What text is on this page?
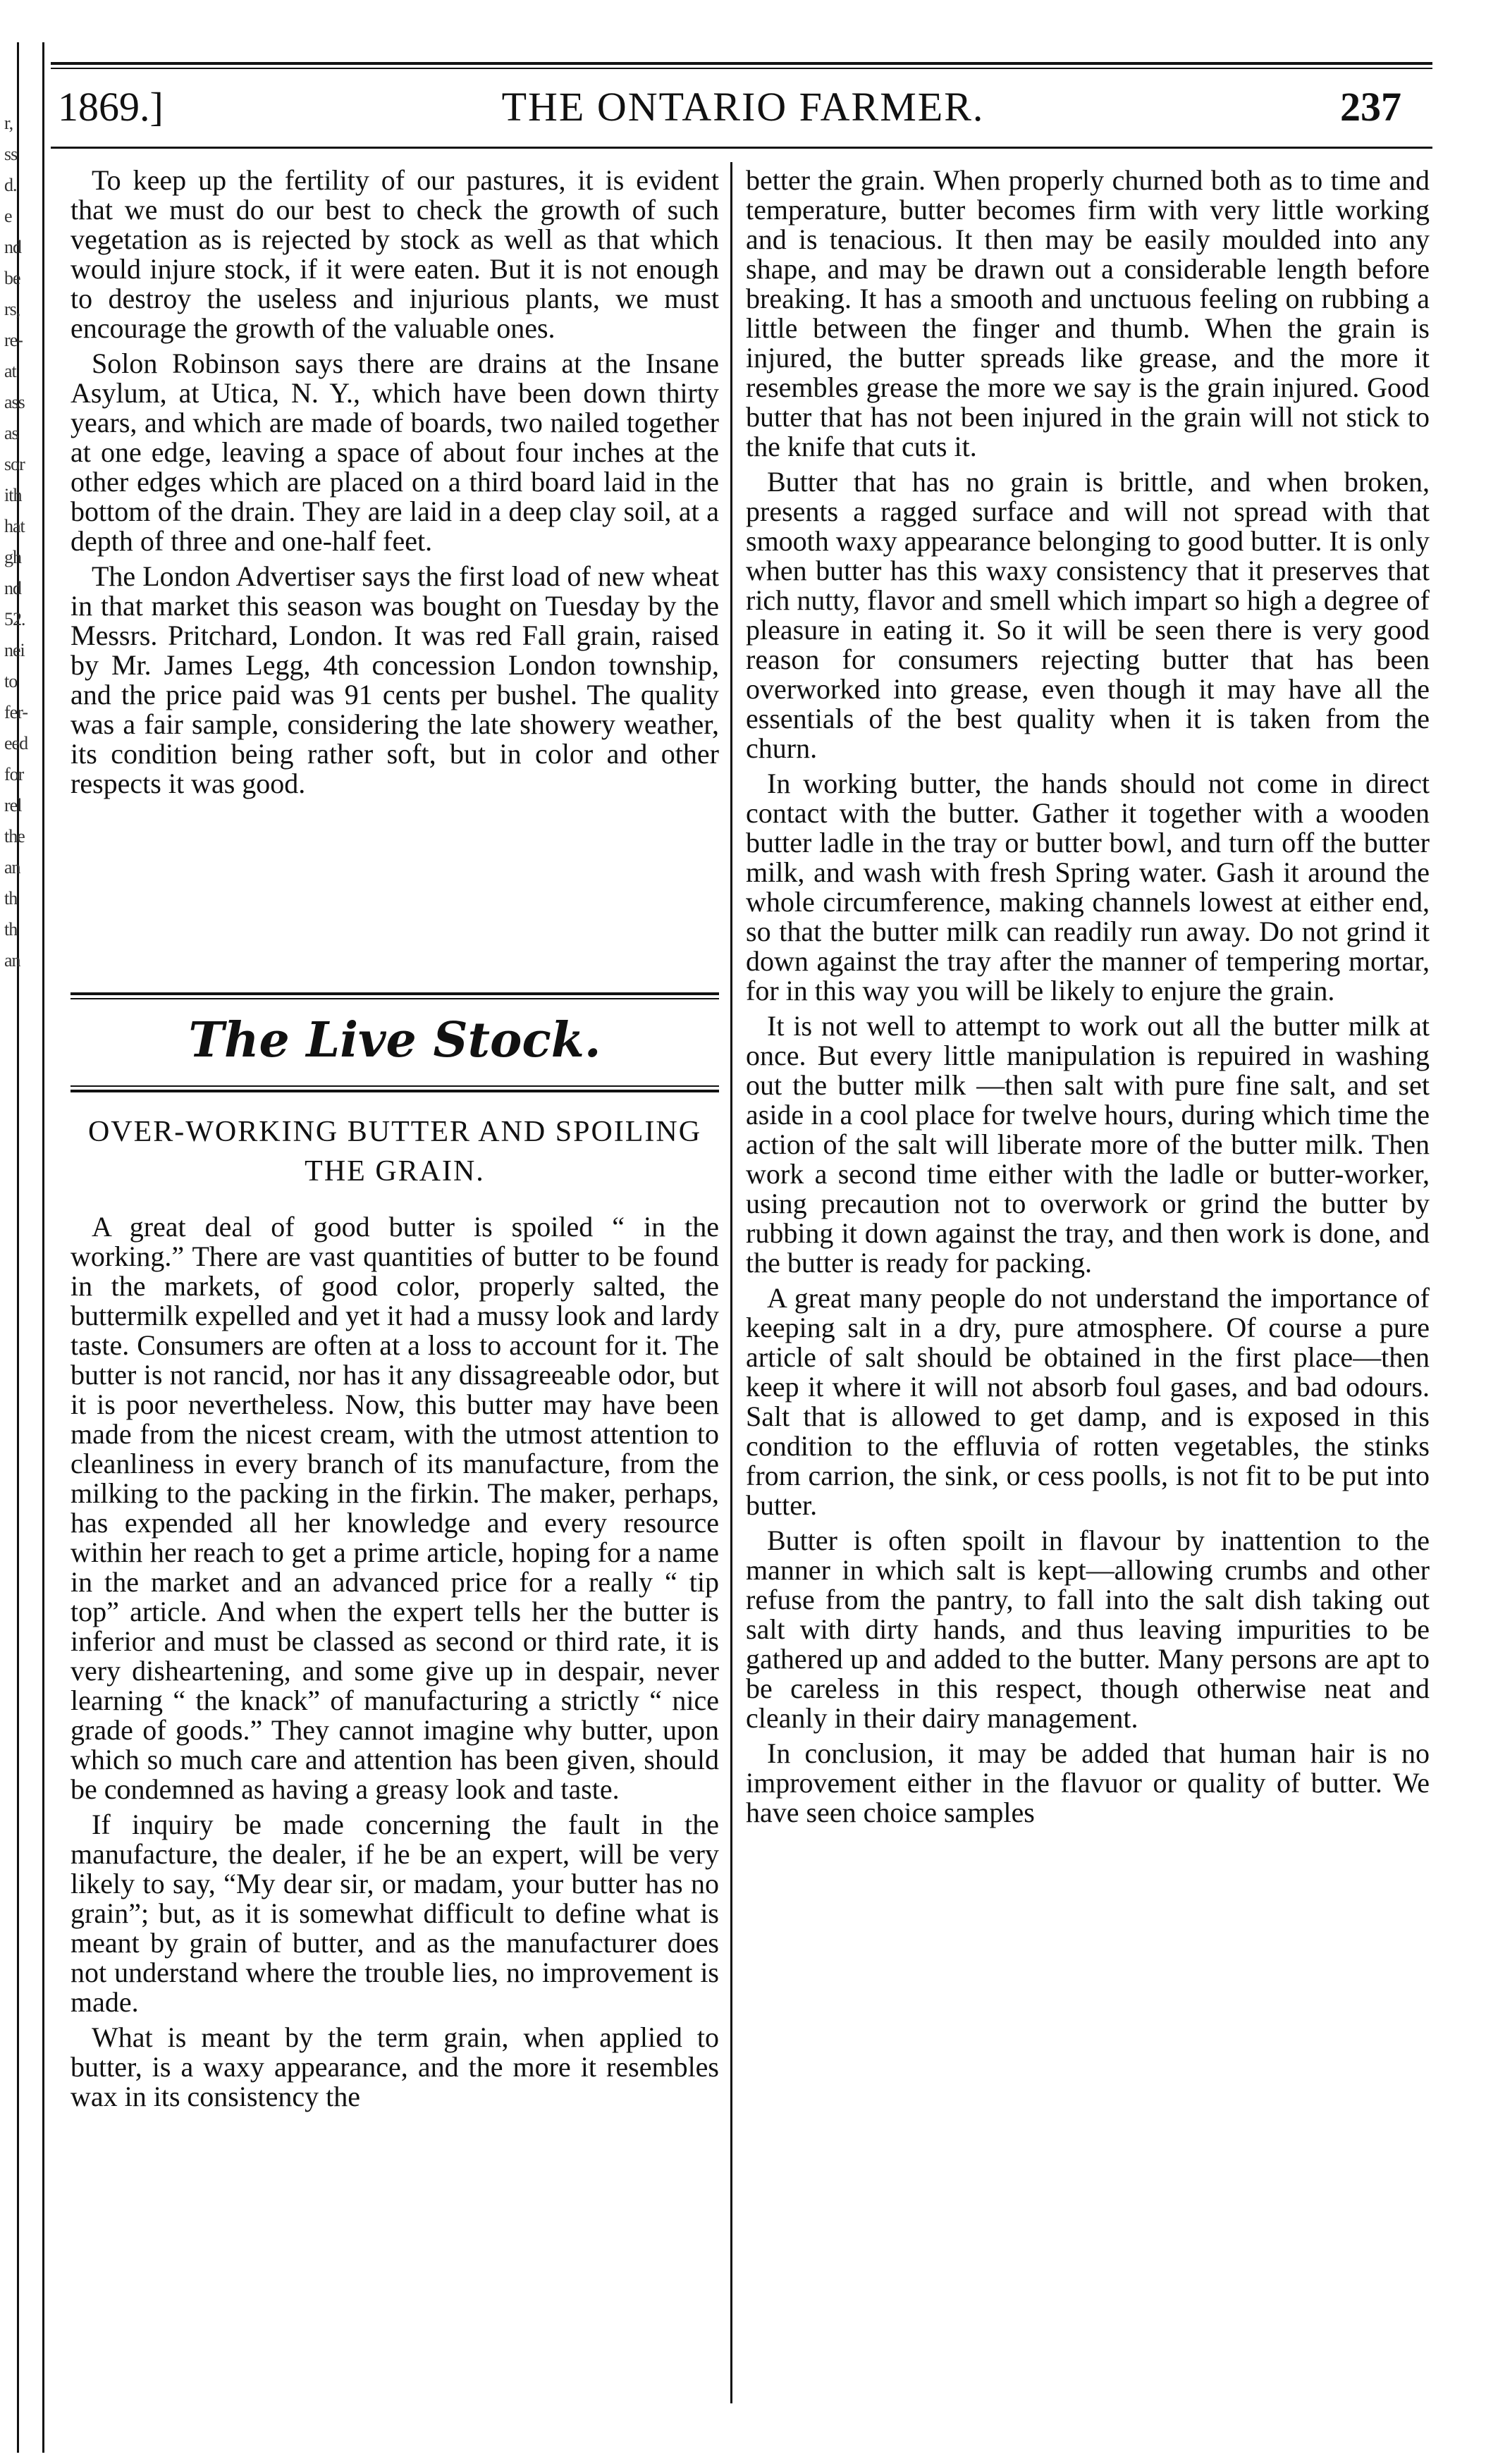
r,
ss
d.
e
nd
be
rs,
re-
at
ass
as
sor
ith
hat
gh
nd
52.
nei
to
fer-
eed
for
rel
the
an
th
th
an
1869.]	THE ONTARIO FARMER.	237

To keep up the fertility of our pastures, it is evident that we must do our best to check the growth of such vegetation as is rejected by stock as well as that which would injure stock, if it were eaten. But it is not enough to destroy the useless and injurious plants, we must encourage the growth of the valuable ones.

Solon Robinson says there are drains at the Insane Asylum, at Utica, N. Y., which have been down thirty years, and which are made of boards, two nailed together at one edge, leaving a space of about four inches at the other edges which are placed on a third board laid in the bottom of the drain. They are laid in a deep clay soil, at a depth of three and one-half feet.

The London Advertiser says the first load of new wheat in that market this season was bought on Tuesday by the Messrs. Pritchard, London. It was red Fall grain, raised by Mr. James Legg, 4th concession London township, and the price paid was 91 cents per bushel. The quality was a fair sample, considering the late showery weather, its condition being rather soft, but in color and other respects it was good.

The Live Stock.
OVER-WORKING BUTTER AND SPOILING THE GRAIN.

A great deal of good butter is spoiled “ in the working.” There are vast quantities of butter to be found in the markets, of good color, properly salted, the buttermilk expelled and yet it had a mussy look and lardy taste. Consumers are often at a loss to account for it. The butter is not rancid, nor has it any dissagreeable odor, but it is poor nevertheless. Now, this butter may have been made from the nicest cream, with the utmost attention to cleanliness in every branch of its manufacture, from the milking to the packing in the firkin. The maker, perhaps, has expended all her knowledge and every resource within her reach to get a prime article, hoping for a name in the market and an advanced price for a really “ tip top” article. And when the expert tells her the butter is inferior and must be classed as second or third rate, it is very disheartening, and some give up in despair, never learning “ the knack” of manufacturing a strictly “ nice grade of goods.” They cannot imagine why butter, upon which so much care and attention has been given, should be condemned as having a greasy look and taste.

If inquiry be made concerning the fault in the manufacture, the dealer, if he be an expert, will be very likely to say, “My dear sir, or madam, your butter has no grain”; but, as it is somewhat difficult to define what is meant by grain of butter, and as the manufacturer does not understand where the trouble lies, no improvement is made.

What is meant by the term grain, when applied to butter, is a waxy appearance, and the more it resembles wax in its consistency the

better the grain. When properly churned both as to time and temperature, butter becomes firm with very little working and is tenacious. It then may be easily moulded into any shape, and may be drawn out a considerable length before breaking. It has a smooth and unctuous feeling on rubbing a little between the finger and thumb. When the grain is injured, the butter spreads like grease, and the more it resembles grease the more we say is the grain injured. Good butter that has not been injured in the grain will not stick to the knife that cuts it.

Butter that has no grain is brittle, and when broken, presents a ragged surface and will not spread with that smooth waxy appearance belonging to good butter. It is only when butter has this waxy consistency that it preserves that rich nutty, flavor and smell which impart so high a degree of pleasure in eating it. So it will be seen there is very good reason for consumers rejecting butter that has been overworked into grease, even though it may have all the essentials of the best quality when it is taken from the churn.

In working butter, the hands should not come in direct contact with the butter. Gather it together with a wooden butter ladle in the tray or butter bowl, and turn off the butter milk, and wash with fresh Spring water. Gash it around the whole circumference, making channels lowest at either end, so that the butter milk can readily run away. Do not grind it down against the tray after the manner of tempering mortar, for in this way you will be likely to enjure the grain.

It is not well to attempt to work out all the butter milk at once. But every little manipulation is repuired in washing out the butter milk —then salt with pure fine salt, and set aside in a cool place for twelve hours, during which time the action of the salt will liberate more of the butter milk. Then work a second time either with the ladle or butter-worker, using precaution not to overwork or grind the butter by rubbing it down against the tray, and then work is done, and the butter is ready for packing.

A great many people do not understand the importance of keeping salt in a dry, pure atmosphere. Of course a pure article of salt should be obtained in the first place—then keep it where it will not absorb foul gases, and bad odours. Salt that is allowed to get damp, and is exposed in this condition to the effluvia of rotten vegetables, the stinks from carrion, the sink, or cess poolls, is not fit to be put into butter.

Butter is often spoilt in flavour by inattention to the manner in which salt is kept—allowing crumbs and other refuse from the pantry, to fall into the salt dish taking out salt with dirty hands, and thus leaving impurities to be gathered up and added to the butter. Many persons are apt to be careless in this respect, though otherwise neat and cleanly in their dairy management.

In conclusion, it may be added that human hair is no improvement either in the flavuor or quality of butter. We have seen choice samples
